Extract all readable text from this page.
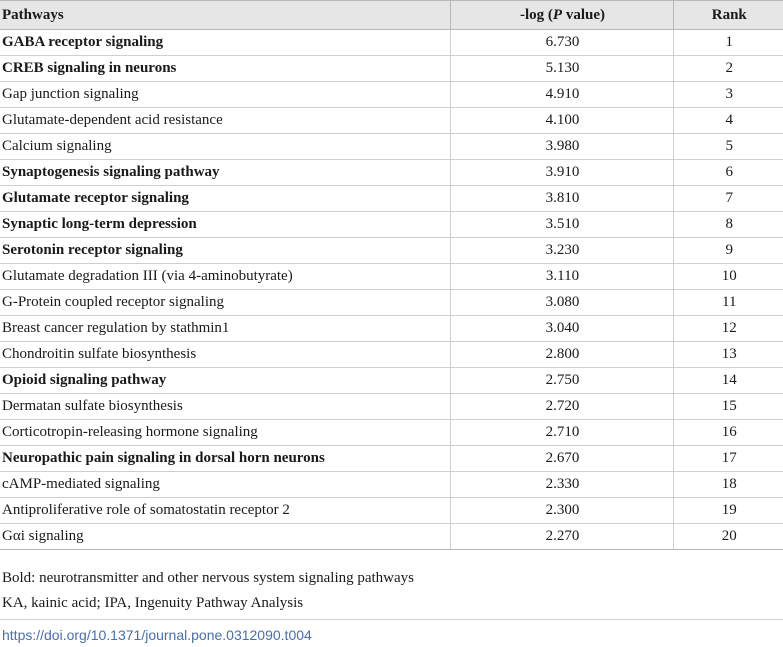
Pathways	-log (P value)	Rank
GABA receptor signaling	6.730	1
CREB signaling in neurons	5.130	2
Gap junction signaling	4.910	3
Glutamate-dependent acid resistance	4.100	4
Calcium signaling	3.980	5
Synaptogenesis signaling pathway	3.910	6
Glutamate receptor signaling	3.810	7
Synaptic long-term depression	3.510	8
Serotonin receptor signaling	3.230	9
Glutamate degradation III (via 4-aminobutyrate)	3.110	10
G-Protein coupled receptor signaling	3.080	11
Breast cancer regulation by stathmin1	3.040	12
Chondroitin sulfate biosynthesis	2.800	13
Opioid signaling pathway	2.750	14
Dermatan sulfate biosynthesis	2.720	15
Corticotropin-releasing hormone signaling	2.710	16
Neuropathic pain signaling in dorsal horn neurons	2.670	17
cAMP-mediated signaling	2.330	18
Antiproliferative role of somatostatin receptor 2	2.300	19
Gαi signaling	2.270	20
Bold: neurotransmitter and other nervous system signaling pathways
KA, kainic acid; IPA, Ingenuity Pathway Analysis
https://doi.org/10.1371/journal.pone.0312090.t004
